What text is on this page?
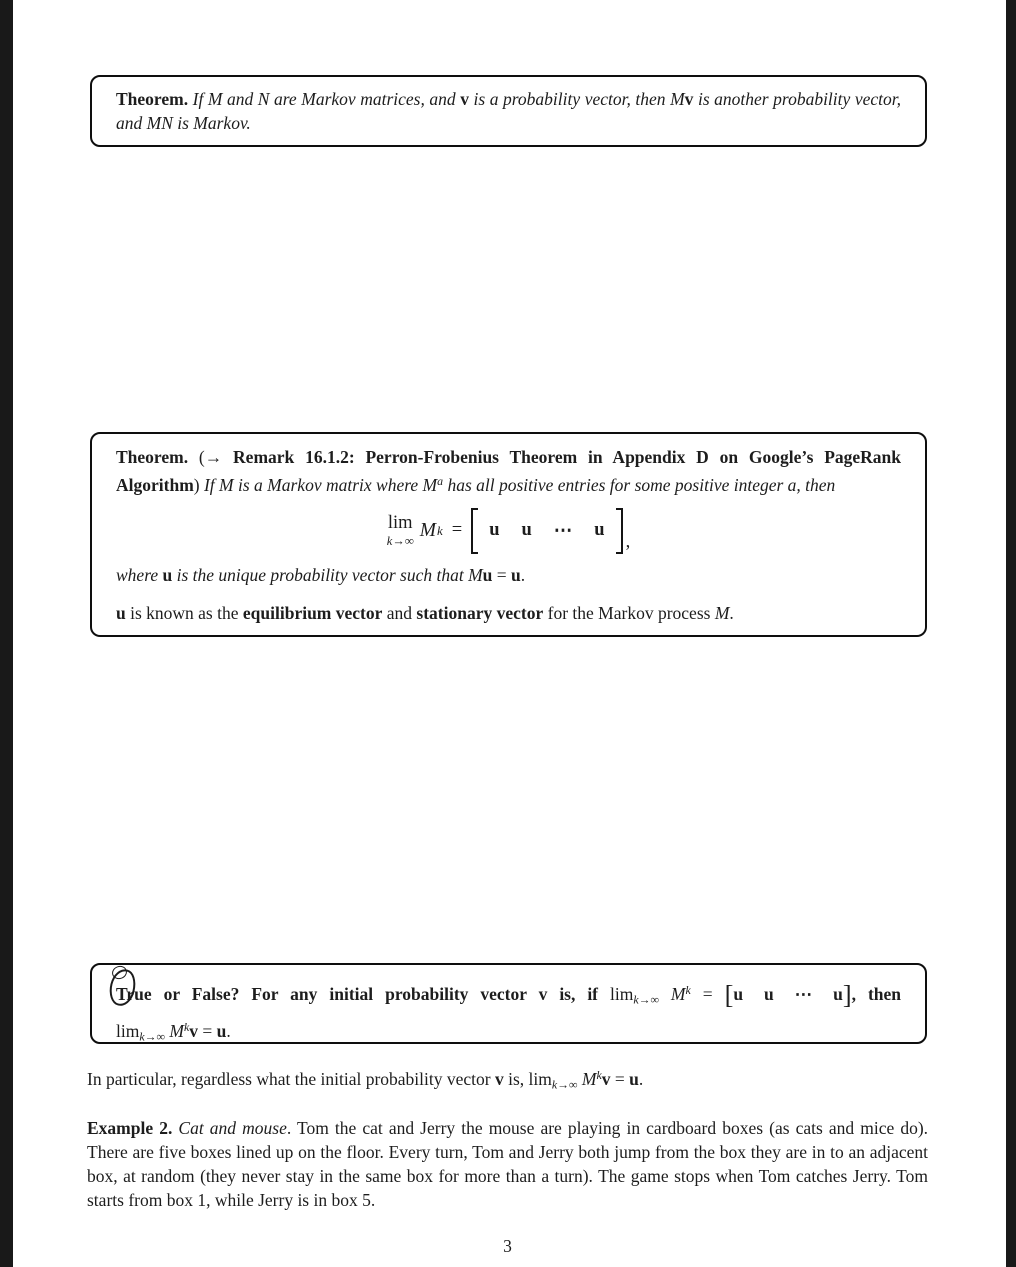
Theorem. If M and N are Markov matrices, and v is a probability vector, then Mv is another probability vector, and MN is Markov.
Theorem. (→ Remark 16.1.2: Perron-Frobenius Theorem in Appendix D on Google’s PageRank Algorithm) If M is a Markov matrix where $M^a$ has all positive entries for some positive integer a, then
lim
k→∞
M k = u u ⋯ u
,
where u is the unique probability vector such that Mu = u.
u is known as the equilibrium vector and stationary vector for the Markov process M.
True or False? For any initial probability vector v is, if $\lim_{k\to\infty} M^k = [u$ u ⋯ u], then
$\lim_{k\to\infty} M^kv = u$.
In particular, regardless what the initial probability vector v is, $\lim_{k\to\infty} M^kv = u$.
Example 2. Cat and mouse. Tom the cat and Jerry the mouse are playing in cardboard boxes (as cats and mice do). There are five boxes lined up on the floor. Every turn, Tom and Jerry both jump from the box they are in to an adjacent box, at random (they never stay in the same box for more than a turn). The game stops when Tom catches Jerry. Tom starts from box 1, while Jerry is in box 5.
3
